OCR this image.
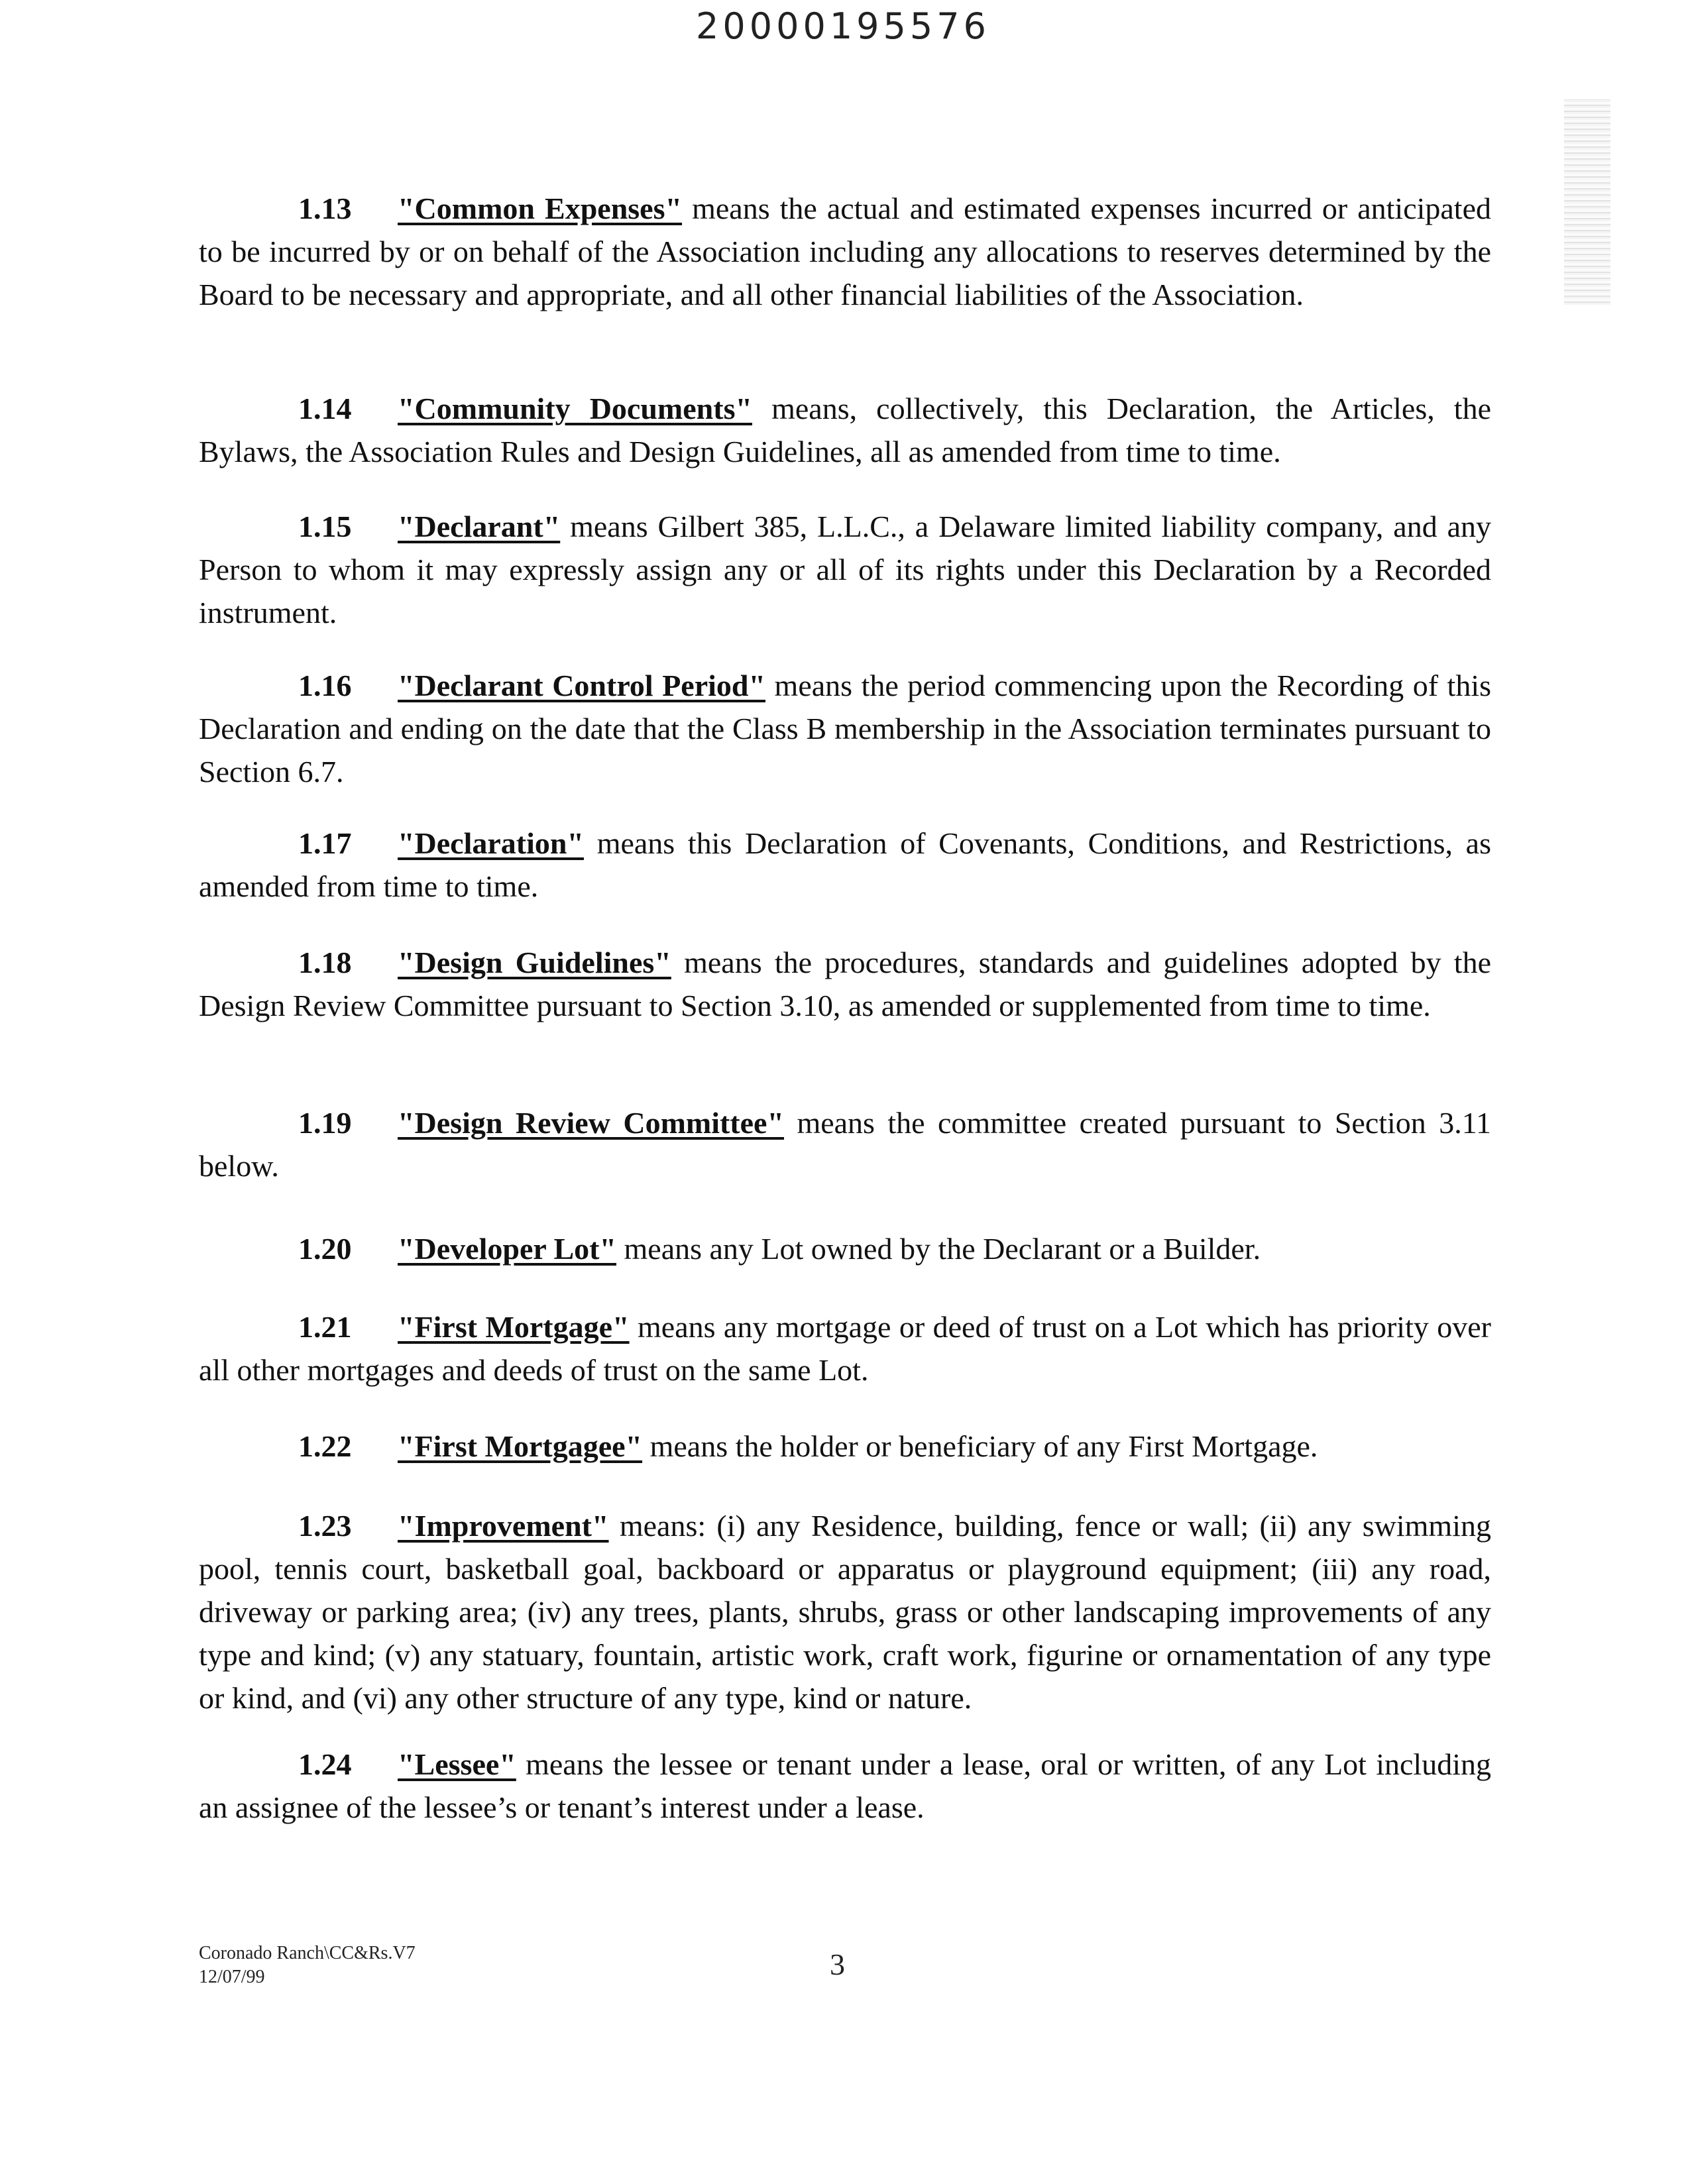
20000195576
1.13 "Common Expenses" means the actual and estimated expenses incurred or anticipated to be incurred by or on behalf of the Association including any allocations to reserves determined by the Board to be necessary and appropriate, and all other financial liabilities of the Association.
1.14 "Community Documents" means, collectively, this Declaration, the Articles, the Bylaws, the Association Rules and Design Guidelines, all as amended from time to time.
1.15 "Declarant" means Gilbert 385, L.L.C., a Delaware limited liability company, and any Person to whom it may expressly assign any or all of its rights under this Declaration by a Recorded instrument.
1.16 "Declarant Control Period" means the period commencing upon the Recording of this Declaration and ending on the date that the Class B membership in the Association terminates pursuant to Section 6.7.
1.17 "Declaration" means this Declaration of Covenants, Conditions, and Restrictions, as amended from time to time.
1.18 "Design Guidelines" means the procedures, standards and guidelines adopted by the Design Review Committee pursuant to Section 3.10, as amended or supplemented from time to time.
1.19 "Design Review Committee" means the committee created pursuant to Section 3.11 below.
1.20 "Developer Lot" means any Lot owned by the Declarant or a Builder.
1.21 "First Mortgage" means any mortgage or deed of trust on a Lot which has priority over all other mortgages and deeds of trust on the same Lot.
1.22 "First Mortgagee" means the holder or beneficiary of any First Mortgage.
1.23 "Improvement" means: (i) any Residence, building, fence or wall; (ii) any swimming pool, tennis court, basketball goal, backboard or apparatus or playground equipment; (iii) any road, driveway or parking area; (iv) any trees, plants, shrubs, grass or other landscaping improvements of any type and kind; (v) any statuary, fountain, artistic work, craft work, figurine or ornamentation of any type or kind, and (vi) any other structure of any type, kind or nature.
1.24 "Lessee" means the lessee or tenant under a lease, oral or written, of any Lot including an assignee of the lessee’s or tenant’s interest under a lease.
Coronado Ranch\CC&Rs.V7
12/07/99	3
